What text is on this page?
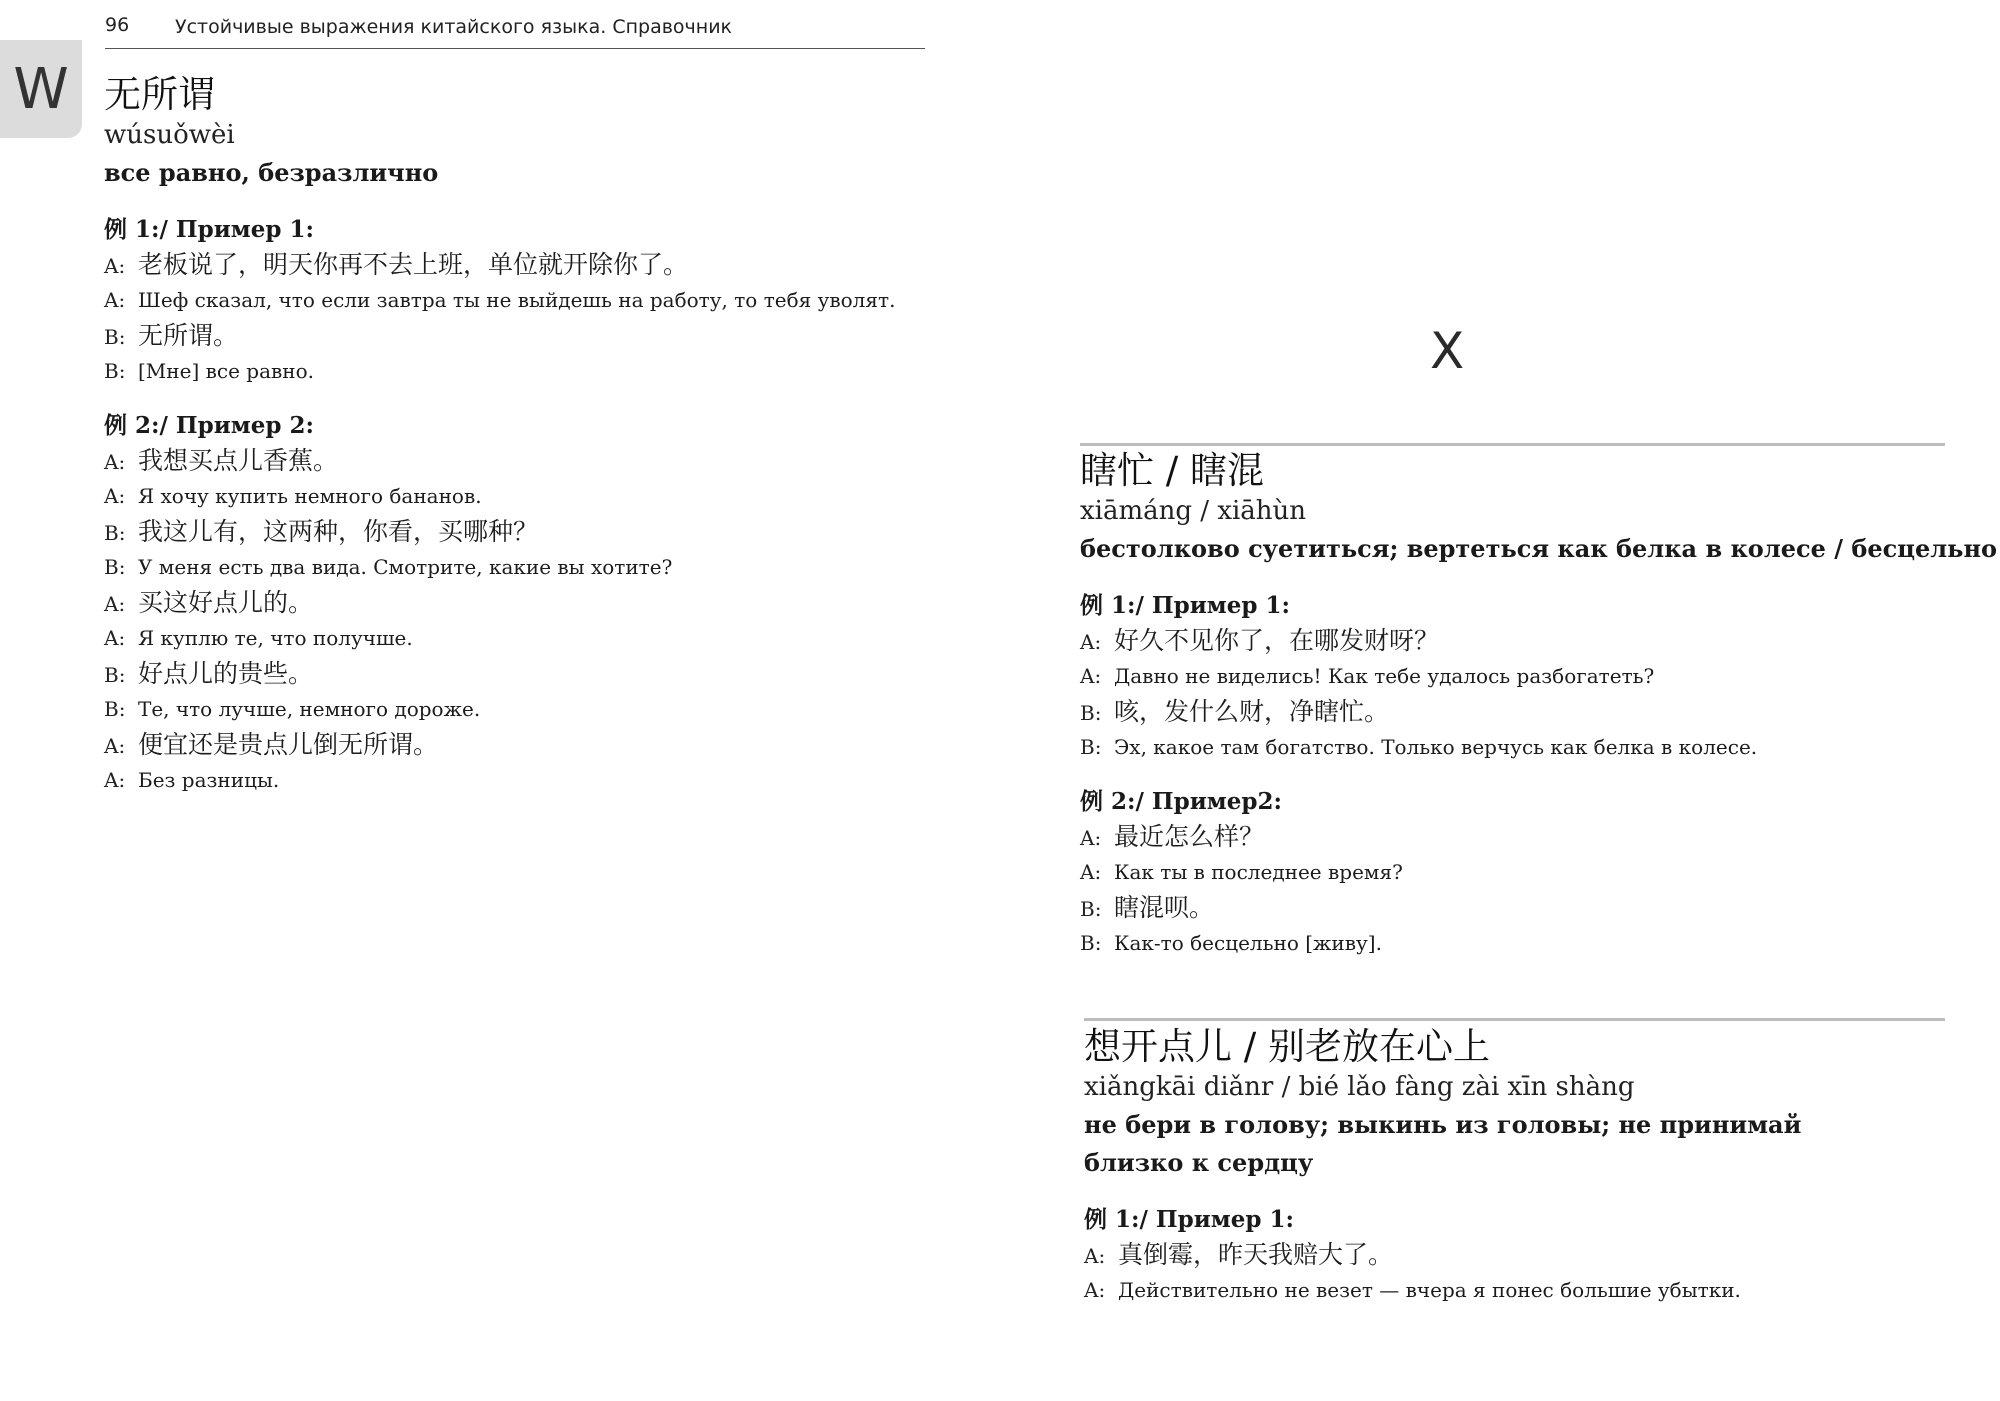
W
96 Устойчивые выражения китайского языка. Справочник
无所谓
wúsuǒwèi
все равно, безразлично
例 1:/ Пример 1:
A: 老板说了，明天你再不去上班，单位就开除你了。
A: Шеф сказал, что если завтра ты не выйдешь на работу, то тебя уволят.
B: 无所谓。
B: [Мне] все равно.
例 2:/ Пример 2:
A: 我想买点儿香蕉。
A: Я хочу купить немного бананов.
B: 我这儿有，这两种，你看，买哪种？
B: У меня есть два вида. Смотрите, какие вы хотите?
A: 买这好点儿的。
A: Я куплю те, что получше.
B: 好点儿的贵些。
B: Те, что лучше, немного дороже.
A: 便宜还是贵点儿倒无所谓。
A: Без разницы.
X
瞎忙 / 瞎混
xiāmáng / xiāhùn
бестолково суетиться; вертеться как белка в колесе / бесцельно
例 1:/ Пример 1:
A: 好久不见你了，在哪发财呀？
A: Давно не виделись! Как тебе удалось разбогатеть?
B: 咳，发什么财，净瞎忙。
B: Эх, какое там богатство. Только верчусь как белка в колесе.
例 2:/ Пример2:
A: 最近怎么样？
A: Как ты в последнее время?
B: 瞎混呗。
B: Как-то бесцельно [живу].
想开点儿 / 别老放在心上
xiǎngkāi diǎnr / bié lǎo fàng zài xīn shàng
не бери в голову; выкинь из головы; не принимай близко к сердцу
例 1:/ Пример 1:
A: 真倒霉，昨天我赔大了。
A: Действительно не везет — вчера я понес большие убытки.
